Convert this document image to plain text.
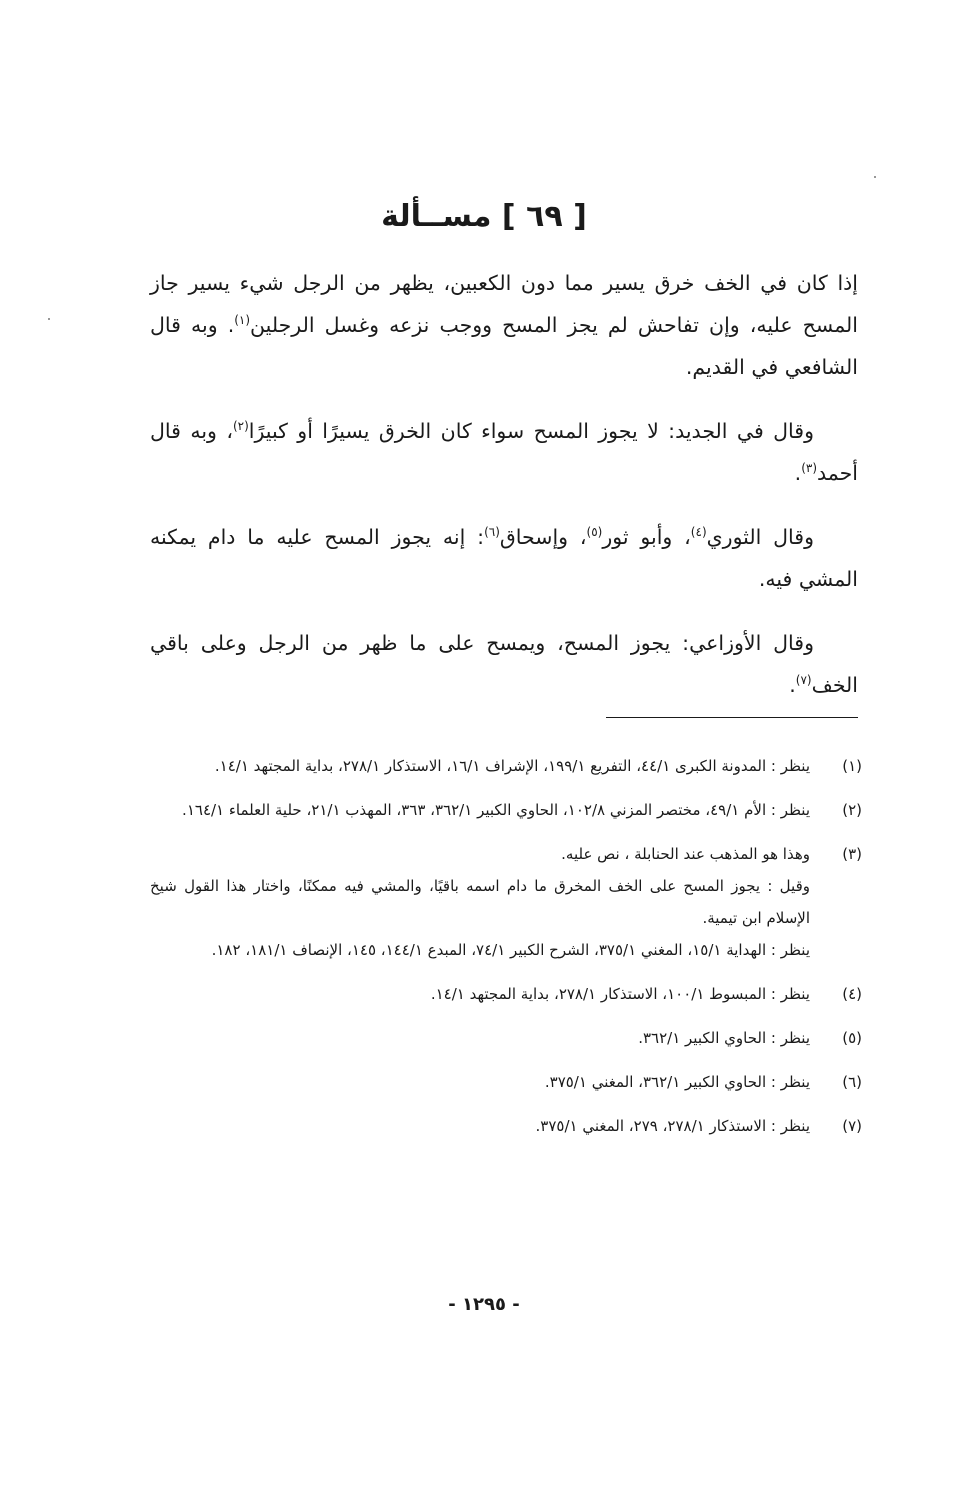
[ ٦٩ ] مســألة

إذا كان في الخف خرق يسير مما دون الكعبين، يظهر من الرجل شيء يسير جاز المسح عليه، وإن تفاحش لم يجز المسح ووجب نزعه وغسل الرجلين$^{(١)}$. وبه قال الشافعي في القديم.

وقال في الجديد: لا يجوز المسح سواء كان الخرق يسيرًا أو كبيرًا$^{(٢)}$، وبه قال أحمد$^{(٣)}$.

وقال الثوري$^{(٤)}$، وأبو ثور$^{(٥)}$، وإسحاق$^{(٦)}$: إنه يجوز المسح عليه ما دام يمكنه المشي فيه.

وقال الأوزاعي: يجوز المسح، ويمسح على ما ظهر من الرجل وعلى باقي الخف$^{(٧)}$.

(١)
ينظر : المدونة الكبرى ٤٤/١، التفريع ١٩٩/١، الإشراف ١٦/١، الاستذكار ٢٧٨/١، بداية المجتهد ١٤/١.
(٢)
ينظر : الأم ٤٩/١، مختصر المزني ١٠٢/٨، الحاوي الكبير ٣٦٢/١، ٣٦٣، المهذب ٢١/١، حلية العلماء ١٦٤/١.
(٣)
وهذا هو المذهب عند الحنابلة ، نص عليه.
وقيل : يجوز المسح على الخف المخرق ما دام اسمه باقيًا، والمشي فيه ممكنًا، واختار هذا القول شيخ الإسلام ابن تيمية.
ينظر : الهداية ١٥/١، المغني ٣٧٥/١، الشرح الكبير ٧٤/١، المبدع ١٤٤/١، ١٤٥، الإنصاف ١٨١/١، ١٨٢.
(٤)
ينظر : المبسوط ١٠٠/١، الاستذكار ٢٧٨/١، بداية المجتهد ١٤/١.
(٥)
ينظر : الحاوي الكبير ٣٦٢/١.
(٦)
ينظر : الحاوي الكبير ٣٦٢/١، المغني ٣٧٥/١.
(٧)
ينظر : الاستذكار ٢٧٨/١، ٢٧٩، المغني ٣٧٥/١.
- ١٢٩٥ -
